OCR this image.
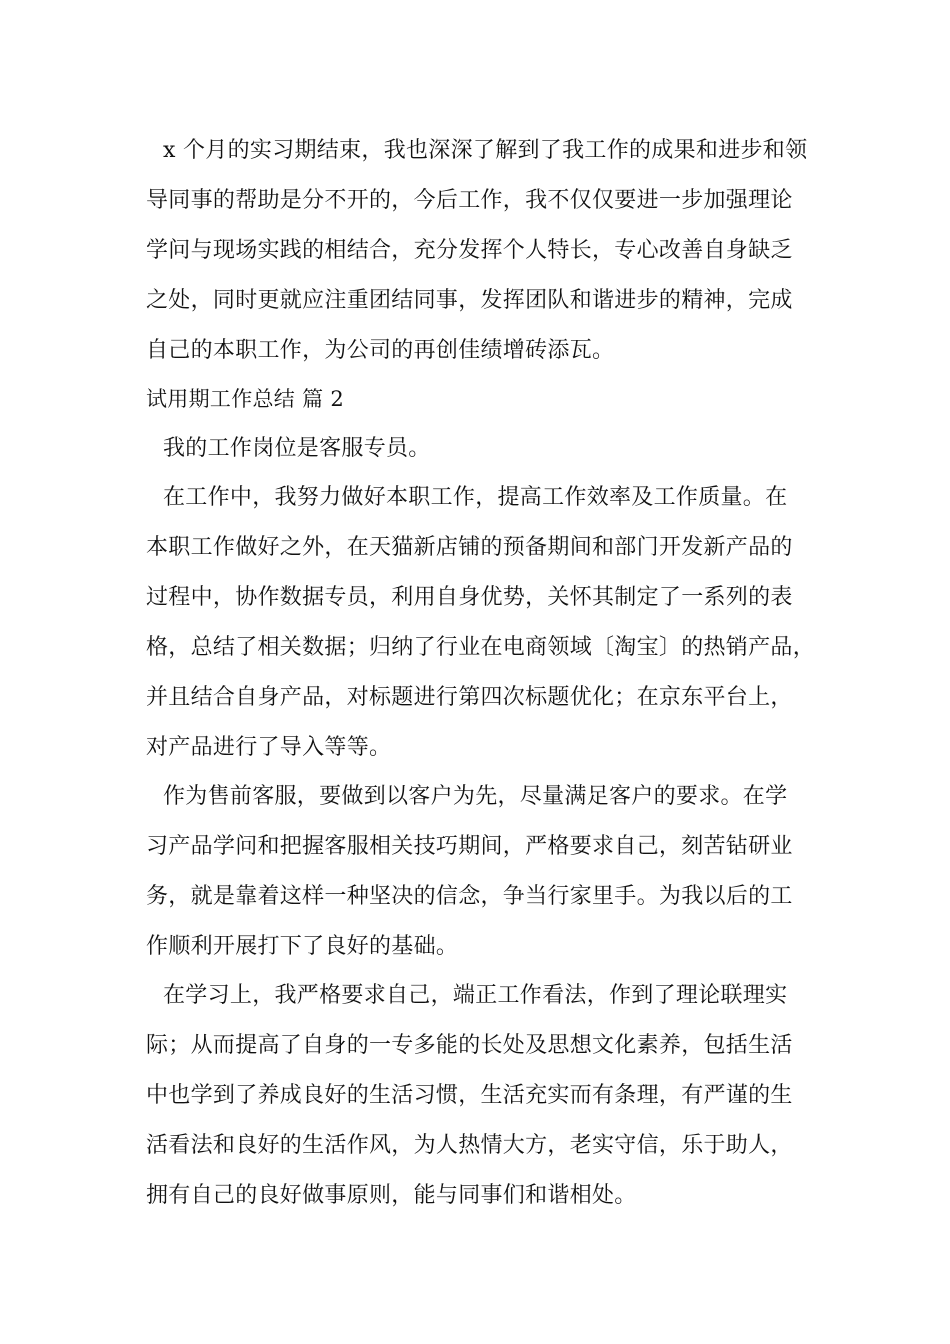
x 个月的实习期结束，我也深深了解到了我工作的成果和进步和领
导同事的帮助是分不开的，今后工作，我不仅仅要进一步加强理论
学问与现场实践的相结合，充分发挥个人特长，专心改善自身缺乏
之处，同时更就应注重团结同事，发挥团队和谐进步的精神，完成
自己的本职工作，为公司的再创佳绩增砖添瓦。
试用期工作总结 篇 2
我的工作岗位是客服专员。
在工作中，我努力做好本职工作，提高工作效率及工作质量。在
本职工作做好之外，在天猫新店铺的预备期间和部门开发新产品的
过程中，协作数据专员，利用自身优势，关怀其制定了一系列的表
格，总结了相关数据；归纳了行业在电商领域〔淘宝〕的热销产品，
并且结合自身产品，对标题进行第四次标题优化；在京东平台上，
对产品进行了导入等等。
作为售前客服，要做到以客户为先，尽量满足客户的要求。在学
习产品学问和把握客服相关技巧期间，严格要求自己，刻苦钻研业
务，就是靠着这样一种坚决的信念，争当行家里手。为我以后的工
作顺利开展打下了良好的基础。
在学习上，我严格要求自己，端正工作看法，作到了理论联理实
际；从而提高了自身的一专多能的长处及思想文化素养，包括生活
中也学到了养成良好的生活习惯，生活充实而有条理，有严谨的生
活看法和良好的生活作风，为人热情大方，老实守信，乐于助人，
拥有自己的良好做事原则，能与同事们和谐相处。
